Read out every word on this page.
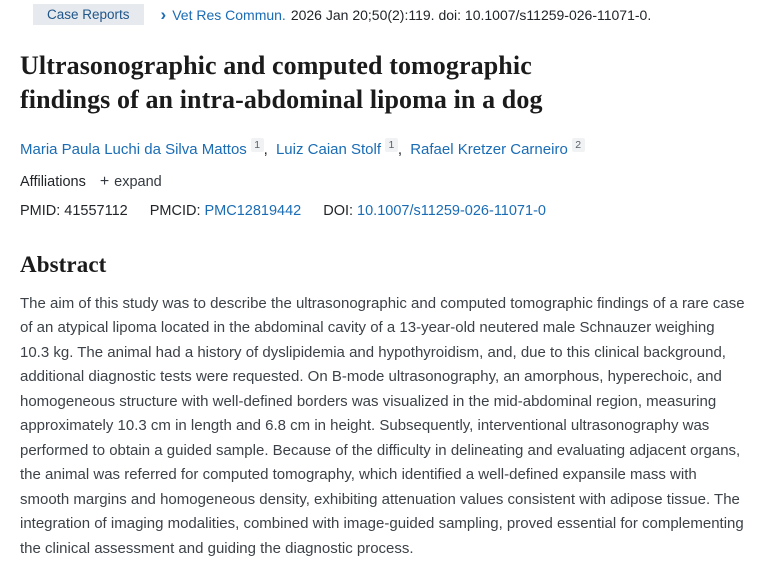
Case Reports	› Vet Res Commun. 2026 Jan 20;50(2):119. doi: 10.1007/s11259-026-11071-0.
Ultrasonographic and computed tomographic findings of an intra-abdominal lipoma in a dog
Maria Paula Luchi da Silva Mattos 1 , Luiz Caian Stolf 1 , Rafael Kretzer Carneiro 2
Affiliations + expand
PMID: 41557112 PMCID: PMC12819442 DOI: 10.1007/s11259-026-11071-0
Abstract

The aim of this study was to describe the ultrasonographic and computed tomographic findings of a rare case of an atypical lipoma located in the abdominal cavity of a 13-year-old neutered male Schnauzer weighing 10.3 kg. The animal had a history of dyslipidemia and hypothyroidism, and, due to this clinical background, additional diagnostic tests were requested. On B-mode ultrasonography, an amorphous, hyperechoic, and homogeneous structure with well-defined borders was visualized in the mid-abdominal region, measuring approximately 10.3 cm in length and 6.8 cm in height. Subsequently, interventional ultrasonography was performed to obtain a guided sample. Because of the difficulty in delineating and evaluating adjacent organs, the animal was referred for computed tomography, which identified a well-defined expansile mass with smooth margins and homogeneous density, exhibiting attenuation values consistent with adipose tissue. The integration of imaging modalities, combined with image-guided sampling, proved essential for complementing the clinical assessment and guiding the diagnostic process.
